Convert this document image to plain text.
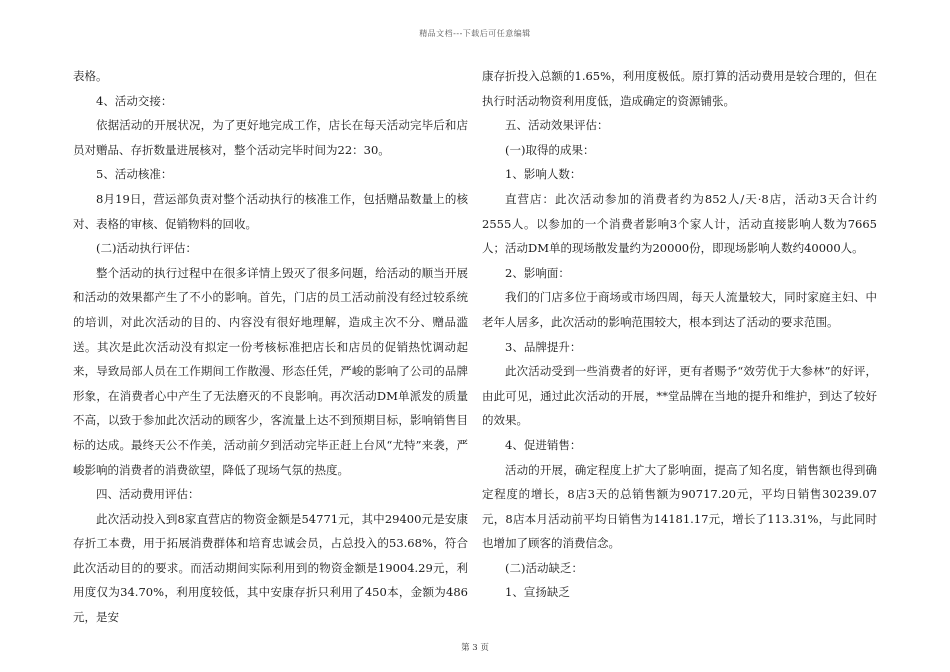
精品文档---下载后可任意编辑

表格。

4、活动交接：

依据活动的开展状况，为了更好地完成工作，店长在每天活动完毕后和店员对赠品、存折数量进展核对，整个活动完毕时间为22：30。

5、活动核准：

8月19日，营运部负责对整个活动执行的核准工作，包括赠品数量上的核对、表格的审核、促销物料的回收。

(二)活动执行评估：

整个活动的执行过程中在很多详情上毁灭了很多问题，给活动的顺当开展和活动的效果都产生了不小的影响。首先，门店的员工活动前没有经过较系统的培训，对此次活动的目的、内容没有很好地理解，造成主次不分、赠品滥送。其次是此次活动没有拟定一份考核标准把店长和店员的促销热忱调动起来，导致局部人员在工作期间工作散漫、形态任凭，严峻的影响了公司的品牌形象，在消费者心中产生了无法磨灭的不良影响。再次活动DM单派发的质量不高，以致于参加此次活动的顾客少，客流量上达不到预期目标，影响销售目标的达成。最终天公不作美，活动前夕到活动完毕正赶上台风“尤特”来袭，严峻影响的消费者的消费欲望，降低了现场气氛的热度。

四、活动费用评估：

此次活动投入到8家直营店的物资金额是54771元，其中29400元是安康存折工本费，用于拓展消费群体和培育忠诚会员，占总投入的53.68%，符合此次活动目的的要求。而活动期间实际利用到的物资金额是19004.29元，利用度仅为34.70%，利用度较低，其中安康存折只利用了450本，金额为486元，是安

康存折投入总额的1.65%，利用度极低。原打算的活动费用是较合理的，但在执行时活动物资利用度低，造成确定的资源铺张。

五、活动效果评估：

(一)取得的成果：

1、影响人数：

直营店：此次活动参加的消费者约为852人/天·8店，活动3天合计约2555人。以参加的一个消费者影响3个家人计，活动直接影响人数为7665人；活动DM单的现场散发量约为20000份，即现场影响人数约40000人。

2、影响面：

我们的门店多位于商场或市场四周，每天人流量较大，同时家庭主妇、中老年人居多，此次活动的影响范围较大，根本到达了活动的要求范围。

3、品牌提升：

此次活动受到一些消费者的好评，更有者赐予“效劳优于大参林”的好评，由此可见，通过此次活动的开展，**堂品牌在当地的提升和维护，到达了较好的效果。

4、促进销售：

活动的开展，确定程度上扩大了影响面，提高了知名度，销售额也得到确定程度的增长，8店3天的总销售额为90717.20元，平均日销售30239.07元，8店本月活动前平均日销售为14181.17元，增长了113.31%，与此同时也增加了顾客的消费信念。

(二)活动缺乏：

1、宣扬缺乏

第 3 页
